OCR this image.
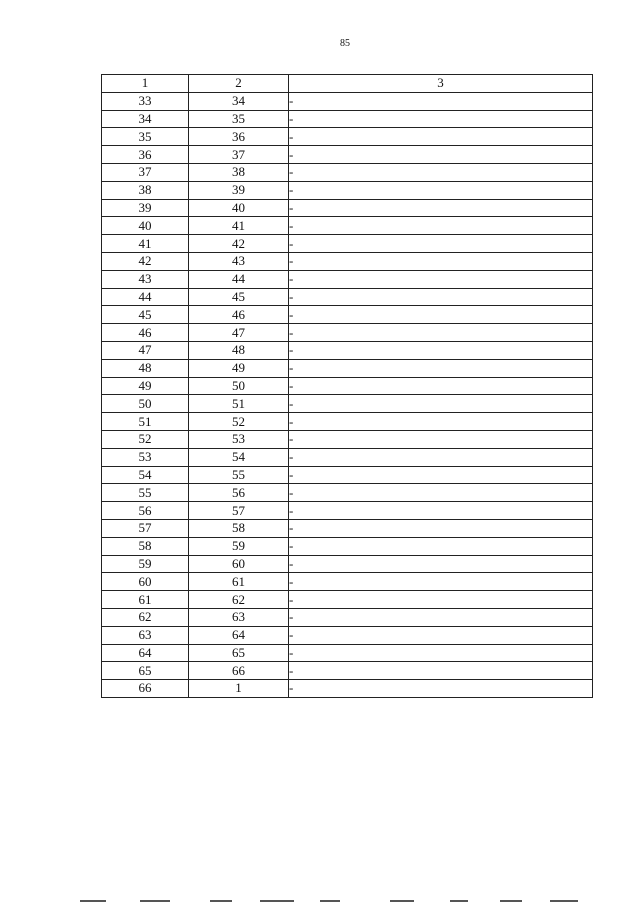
85
1	2	3
33	34	-
34	35	-
35	36	-
36	37	-
37	38	-
38	39	-
39	40	-
40	41	-
41	42	-
42	43	-
43	44	-
44	45	-
45	46	-
46	47	-
47	48	-
48	49	-
49	50	-
50	51	-
51	52	-
52	53	-
53	54	-
54	55	-
55	56	-
56	57	-
57	58	-
58	59	-
59	60	-
60	61	-
61	62	-
62	63	-
63	64	-
64	65	-
65	66	-
66	1	-
